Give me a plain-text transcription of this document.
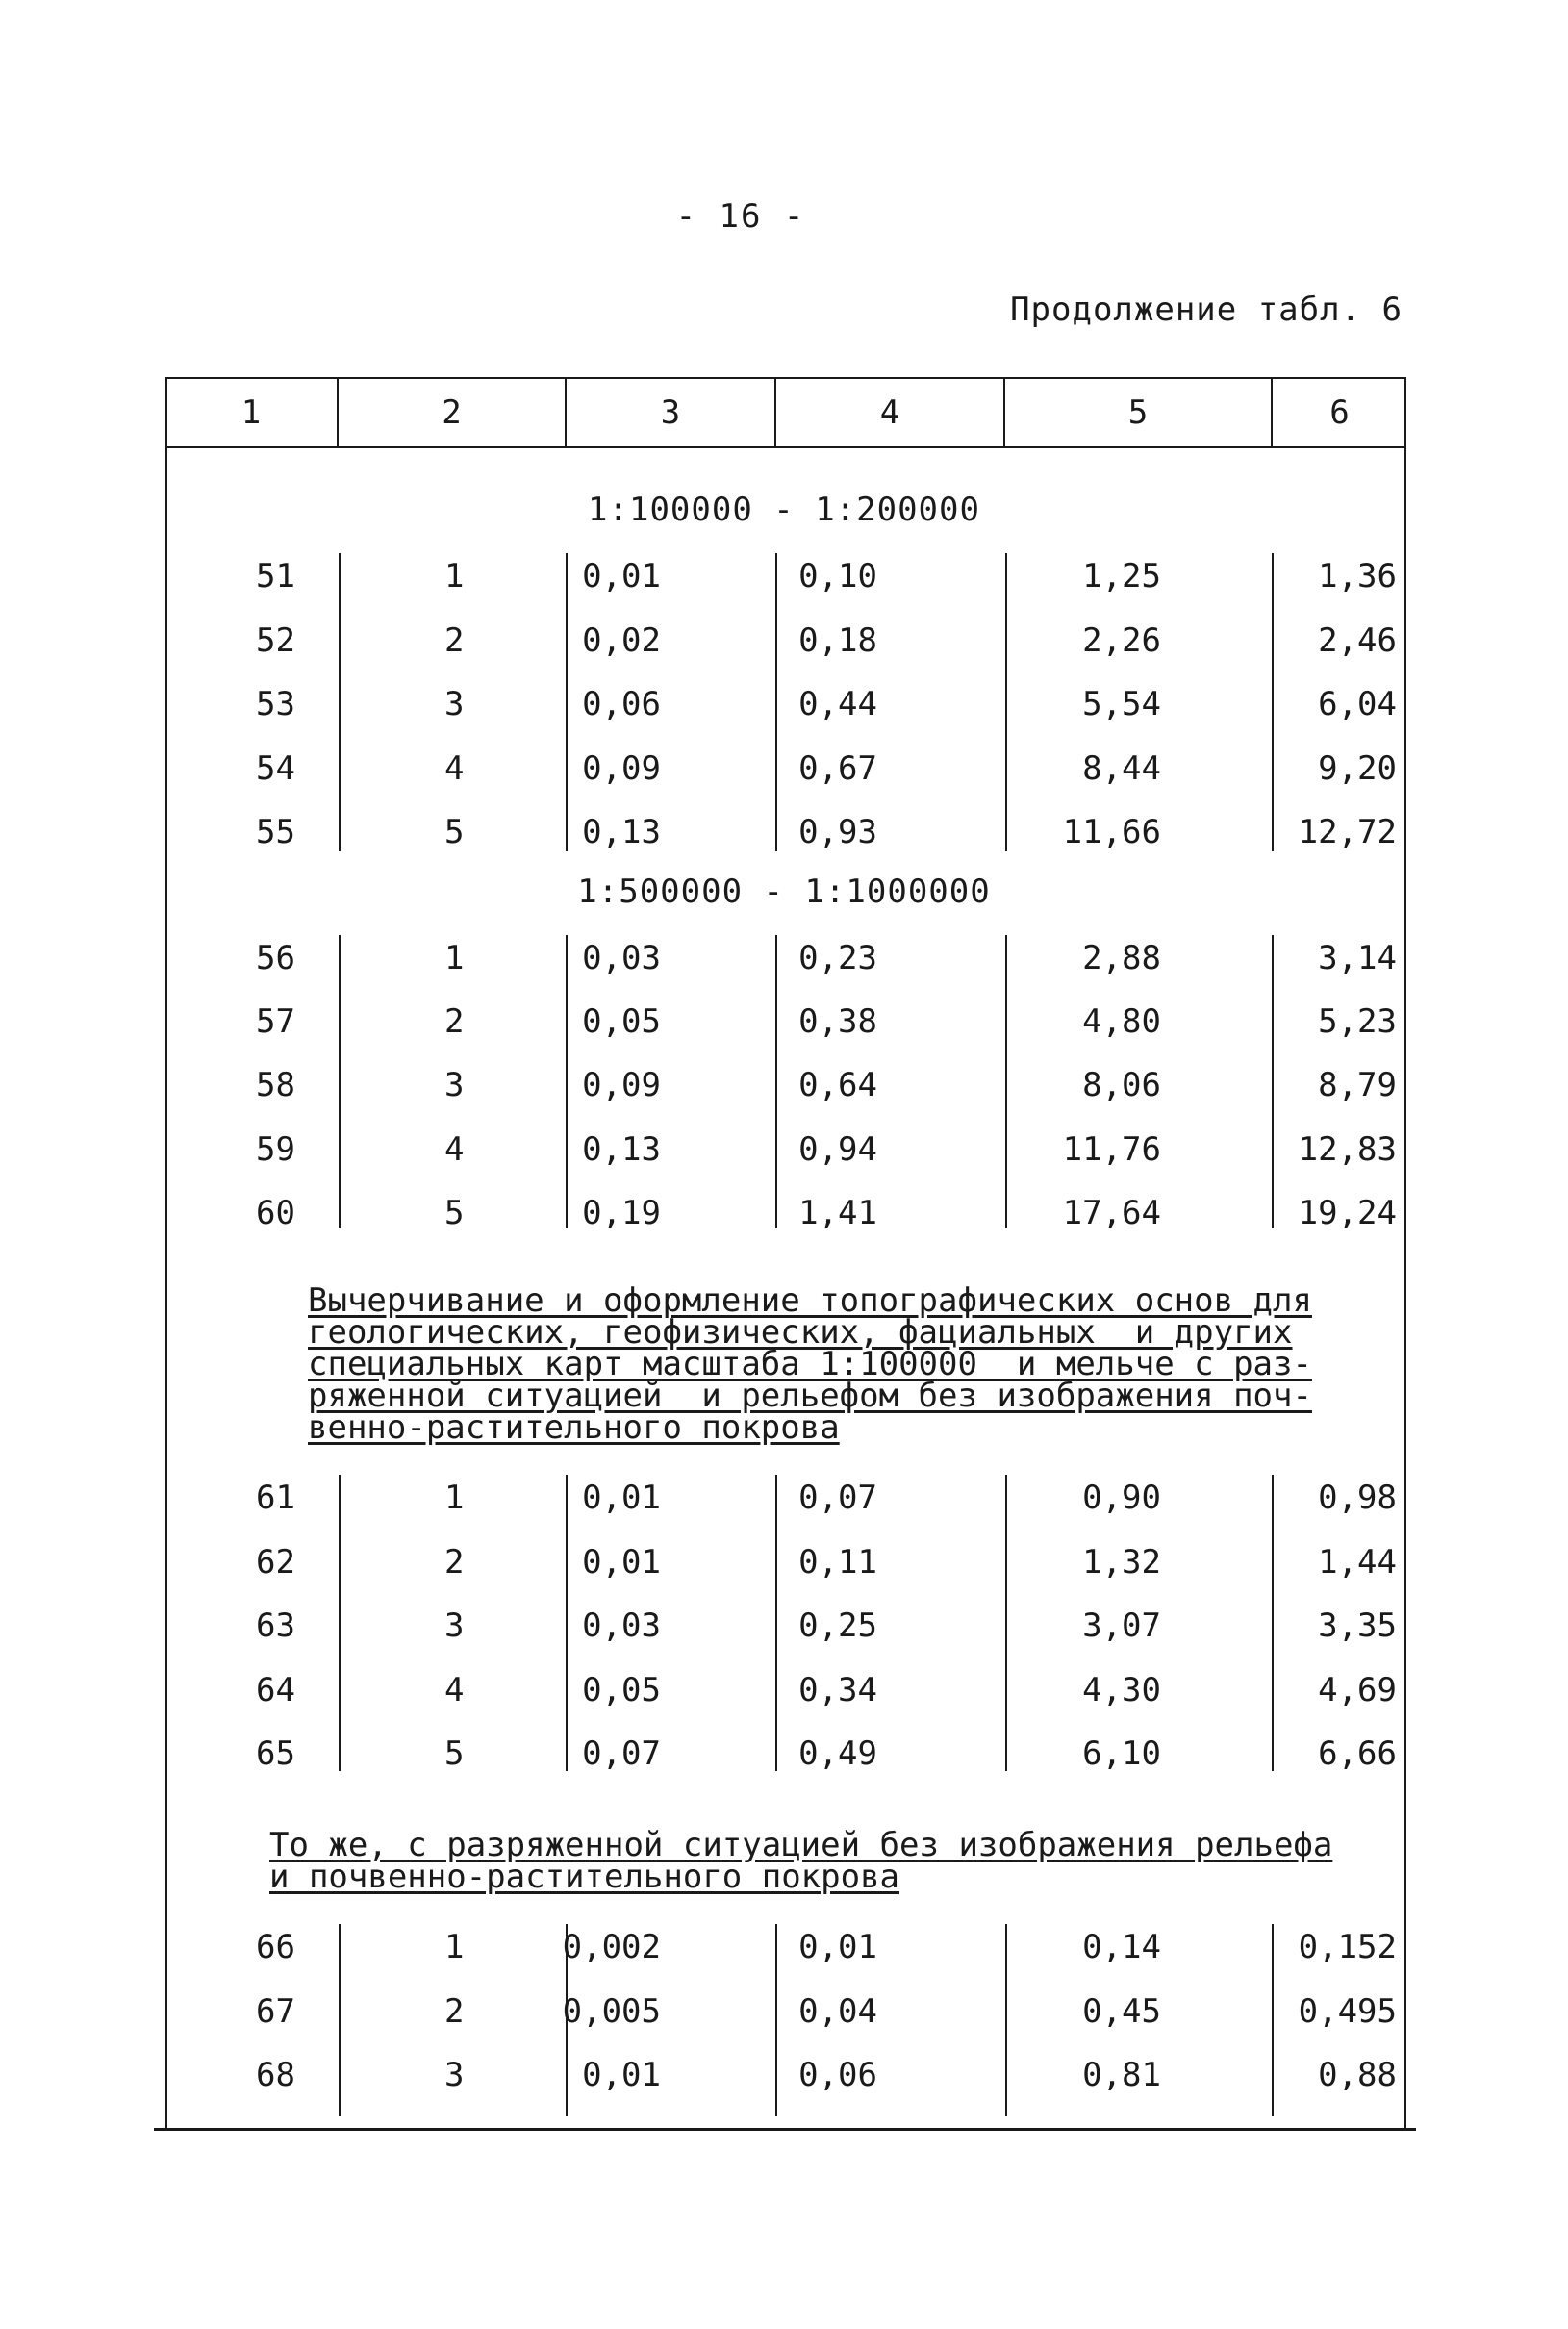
- 16 -
Продолжение табл. 6
1	2	3	4	5	6
1:100000 - 1:200000
51	1	0,01	0,10	1,25	1,36
52	2	0,02	0,18	2,26	2,46
53	3	0,06	0,44	5,54	6,04
54	4	0,09	0,67	8,44	9,20
55	5	0,13	0,93	11,66	12,72
1:500000 - 1:1000000
56	1	0,03	0,23	2,88	3,14
57	2	0,05	0,38	4,80	5,23
58	3	0,09	0,64	8,06	8,79
59	4	0,13	0,94	11,76	12,83
60	5	0,19	1,41	17,64	19,24
Вычерчивание и оформление топографических основ для
геологических, геофизических, фациальных  и других
специальных карт масштаба 1:100000  и мельче с раз-
ряженной ситуацией  и рельефом без изображения поч-
венно-растительного покрова
61	1	0,01	0,07	0,90	0,98
62	2	0,01	0,11	1,32	1,44
63	3	0,03	0,25	3,07	3,35
64	4	0,05	0,34	4,30	4,69
65	5	0,07	0,49	6,10	6,66
То же, с разряженной ситуацией без изображения рельефа
и почвенно-растительного покрова
66	1	0,002	0,01	0,14	0,152
67	2	0,005	0,04	0,45	0,495
68	3	0,01	0,06	0,81	0,88
